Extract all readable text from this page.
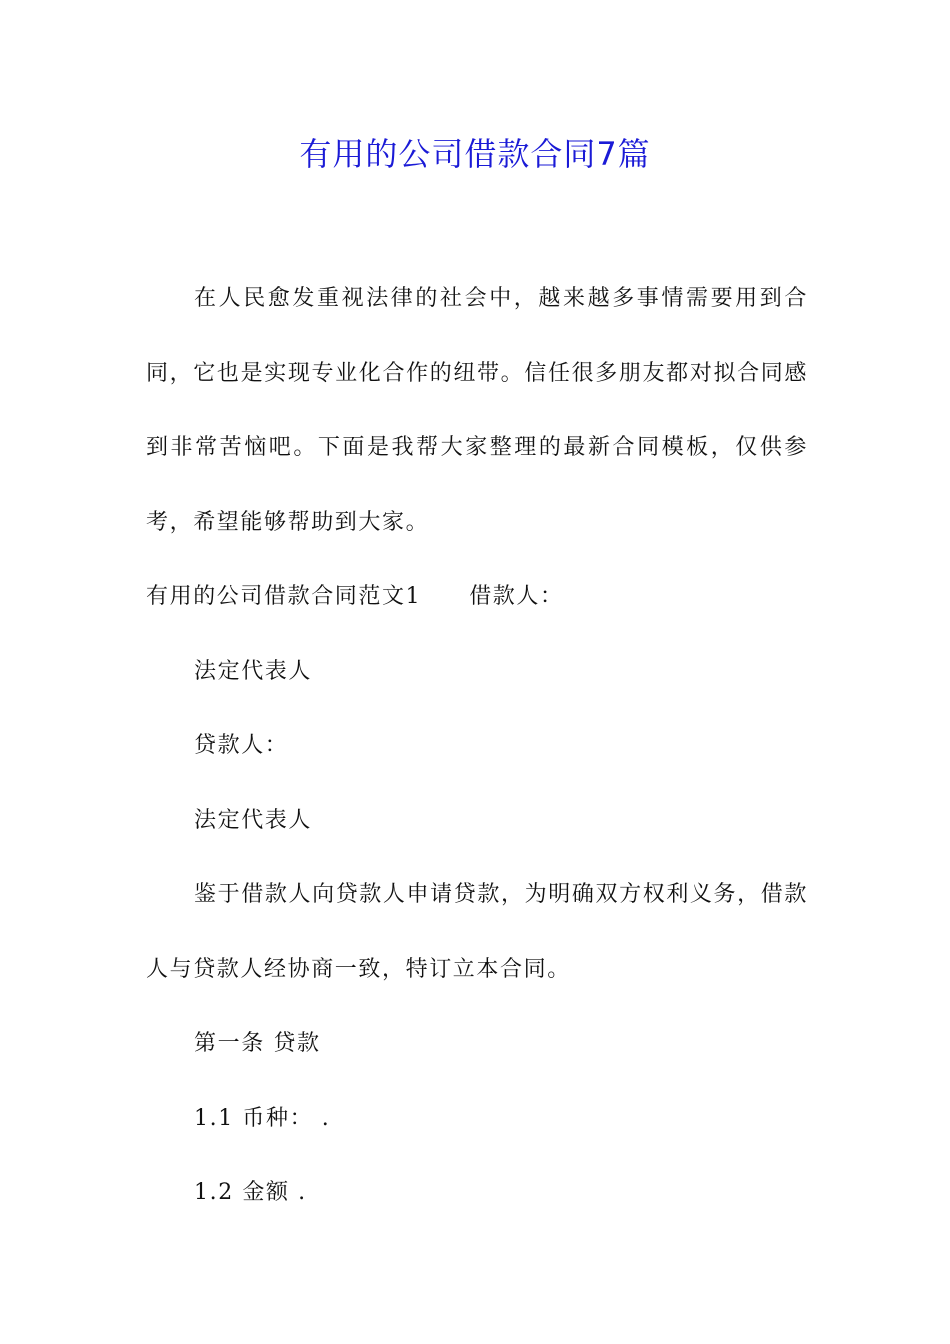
有用的公司借款合同7篇

在人民愈发重视法律的社会中，越来越多事情需要用到合同，它也是实现专业化合作的纽带。信任很多朋友都对拟合同感到非常苦恼吧。下面是我帮大家整理的最新合同模板，仅供参考，希望能够帮助到大家。

有用的公司借款合同范文1 借款人：

法定代表人

贷款人：

法定代表人

鉴于借款人向贷款人申请贷款，为明确双方权利义务，借款人与贷款人经协商一致，特订立本合同。

第一条 贷款

1.1 币种： .

1.2 金额 .
